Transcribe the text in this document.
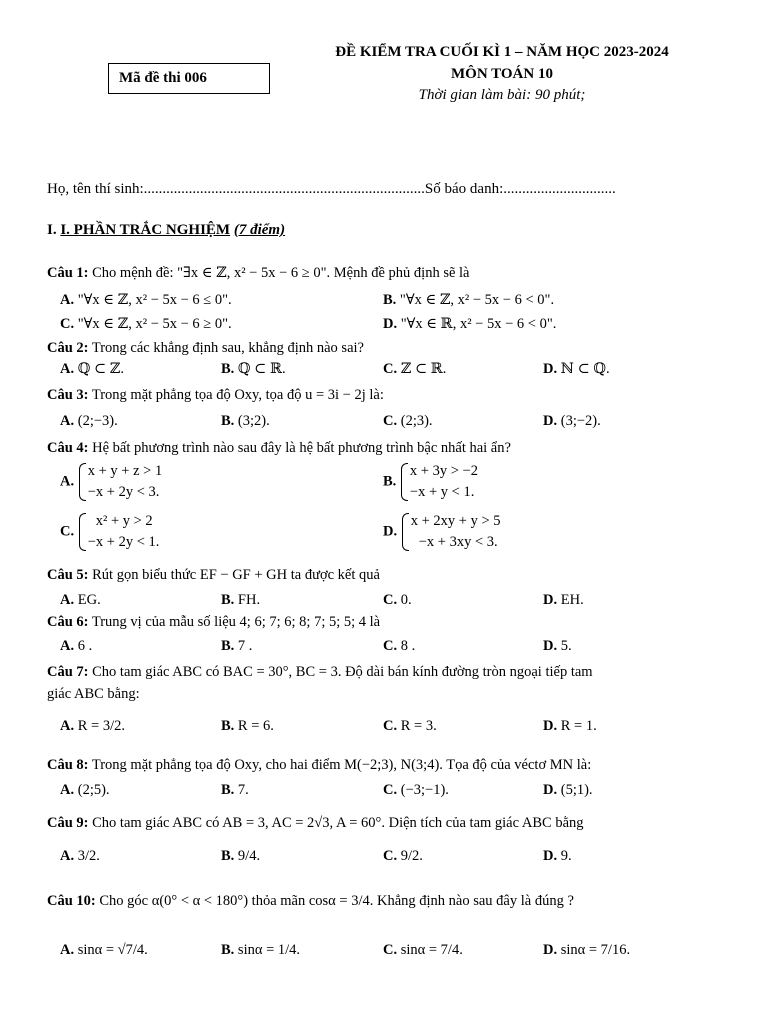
Mã đề thi 006
ĐỀ KIỂM TRA CUỐI KÌ 1 – NĂM HỌC 2023-2024
MÔN TOÁN 10
Thời gian làm bài: 90 phút;
Họ, tên thí sinh:...........................................................................Số báo danh:..............................
I. I. PHẦN TRẮC NGHIỆM (7 điểm)
Câu 1: Cho mệnh đề: "∃x ∈ ℤ, x² − 5x − 6 ≥ 0". Mệnh đề phủ định sẽ là
A. "∀x ∈ ℤ, x² − 5x − 6 ≤ 0".	B. "∀x ∈ ℤ, x² − 5x − 6 < 0".
C. "∀x ∈ ℤ, x² − 5x − 6 ≥ 0".	D. "∀x ∈ ℝ, x² − 5x − 6 < 0".
Câu 2: Trong các khẳng định sau, khẳng định nào sai?
A. ℚ ⊂ ℤ.	B. ℚ ⊂ ℝ.	C. ℤ ⊂ ℝ.	D. ℕ ⊂ ℚ.
Câu 3: Trong mặt phẳng tọa độ Oxy, tọa độ u = 3i − 2j là:
A. (2;−3).	B. (3;2).	C. (2;3).	D. (3;−2).
Câu 4: Hệ bất phương trình nào sau đây là hệ bất phương trình bậc nhất hai ẩn?
A.
x + y + z > 1
−x + 2y < 3.
B.
x + 3y > −2
−x + y < 1.
C.
x² + y > 2
−x + 2y < 1.
D.
x + 2xy + y > 5
−x + 3xy < 3.
Câu 5: Rút gọn biểu thức EF − GF + GH ta được kết quả
A. EG.	B. FH.	C. 0.	D. EH.
Câu 6: Trung vị của mẫu số liệu 4; 6; 7; 6; 8; 7; 5; 5; 4 là
A. 6 .	B. 7 .	C. 8 .	D. 5.
Câu 7: Cho tam giác ABC có BAC = 30°, BC = 3. Độ dài bán kính đường tròn ngoại tiếp tam
giác ABC bằng:
A. R = 3/2.	B. R = 6.	C. R = 3.	D. R = 1.
Câu 8: Trong mặt phẳng tọa độ Oxy, cho hai điểm M(−2;3), N(3;4). Tọa độ của véctơ MN là:
A. (2;5).	B. 7.	C. (−3;−1).	D. (5;1).
Câu 9: Cho tam giác ABC có AB = 3, AC = 2√3, A = 60°. Diện tích của tam giác ABC bằng
A. 3/2.	B. 9/4.	C. 9/2.	D. 9.
Câu 10: Cho góc α(0° < α < 180°) thỏa mãn cosα = 3/4. Khẳng định nào sau đây là đúng ?
A. sinα = √7/4.	B. sinα = 1/4.	C. sinα = 7/4.	D. sinα = 7/16.
